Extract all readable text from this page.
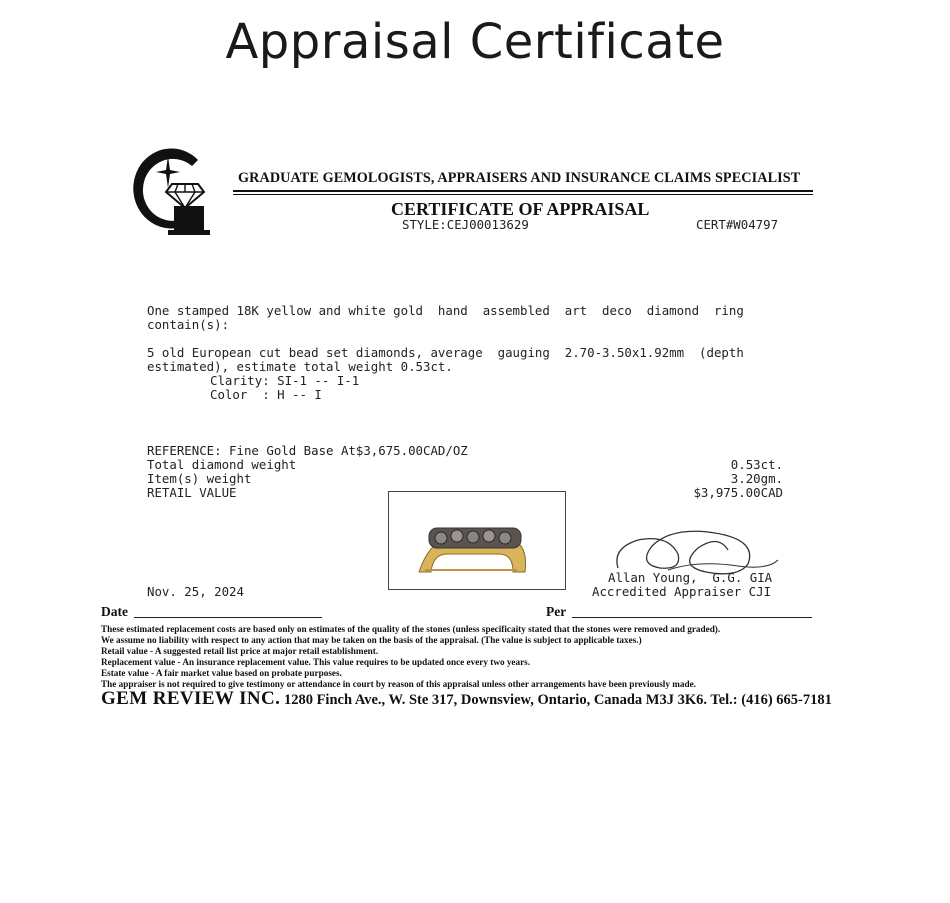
Appraisal Certificate
GRADUATE GEMOLOGISTS, APPRAISERS AND INSURANCE CLAIMS SPECIALIST
CERTIFICATE OF APPRAISAL
STYLE:CEJ00013629	CERT#W04797
One stamped 18K yellow and white gold  hand  assembled  art  deco  diamond  ring
contain(s):
5 old European cut bead set diamonds, average  gauging  2.70-3.50x1.92mm  (depth
estimated), estimate total weight 0.53ct.
Clarity: SI-1 -- I-1
Color  : H -- I
REFERENCE: Fine Gold Base At$3,675.00CAD/OZ
Total diamond weight	0.53ct.
Item(s) weight	3.20gm.
RETAIL VALUE	$3,975.00CAD
Allan Young,  G.G. GIA
Accredited Appraiser CJI
Nov. 25, 2024
Date	Per
These estimated replacement costs are based only on estimates of the quality of the stones (unless specificaity stated that the stones were removed and graded).
We assume no liability with respect to any action that may be taken on the basis of the appraisal. (The value is subject to applicable taxes.)
Retail value - A suggested retail list price at major retail establishment.
Replacement value - An insurance replacement value. This value requires to be updated once every two years.
Estate value - A fair market value based on probate purposes.
The appraiser is not required to give testimony or attendance in court by reason of this appraisal unless other arrangements have been previously made.
GEM REVIEW INC. 1280 Finch Ave., W. Ste 317, Downsview, Ontario, Canada M3J 3K6. Tel.: (416) 665-7181
